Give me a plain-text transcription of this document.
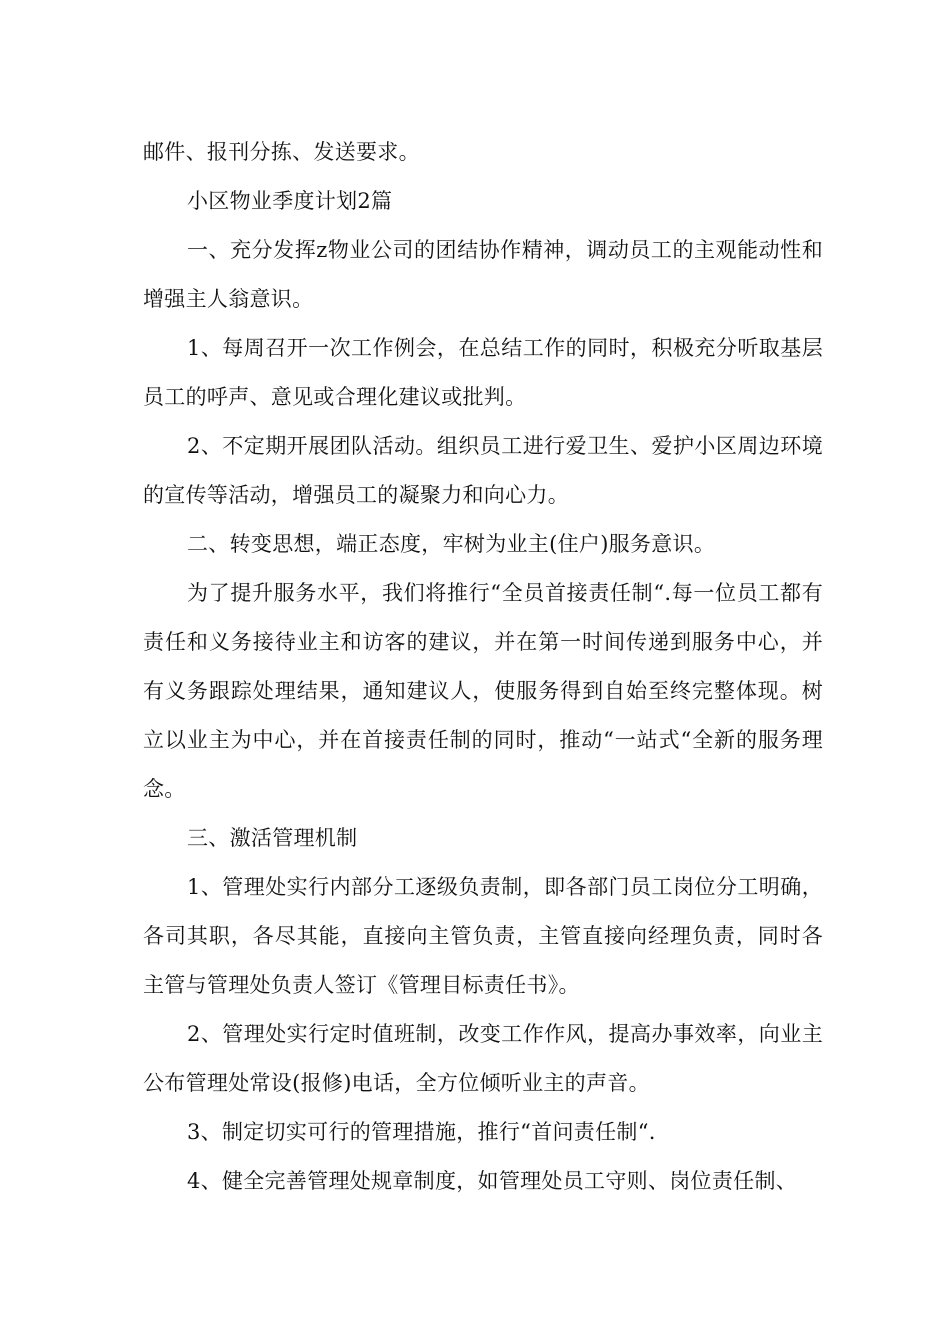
邮件、报刊分拣、发送要求。

小区物业季度计划2篇

一、充分发挥z物业公司的团结协作精神，调动员工的主观能动性和增强主人翁意识。

1、每周召开一次工作例会，在总结工作的同时，积极充分听取基层员工的呼声、意见或合理化建议或批判。

2、不定期开展团队活动。组织员工进行爱卫生、爱护小区周边环境的宣传等活动，增强员工的凝聚力和向心力。

二、转变思想，端正态度，牢树为业主(住户)服务意识。

为了提升服务水平，我们将推行“全员首接责任制“.每一位员工都有责任和义务接待业主和访客的建议，并在第一时间传递到服务中心，并有义务跟踪处理结果，通知建议人，使服务得到自始至终完整体现。树立以业主为中心，并在首接责任制的同时，推动“一站式“全新的服务理念。

三、激活管理机制

1、管理处实行内部分工逐级负责制，即各部门员工岗位分工明确，各司其职，各尽其能，直接向主管负责，主管直接向经理负责，同时各主管与管理处负责人签订《管理目标责任书》。

2、管理处实行定时值班制，改变工作作风，提高办事效率，向业主公布管理处常设(报修)电话，全方位倾听业主的声音。

3、制定切实可行的管理措施，推行“首问责任制“.

4、健全完善管理处规章制度，如管理处员工守则、岗位责任制、
